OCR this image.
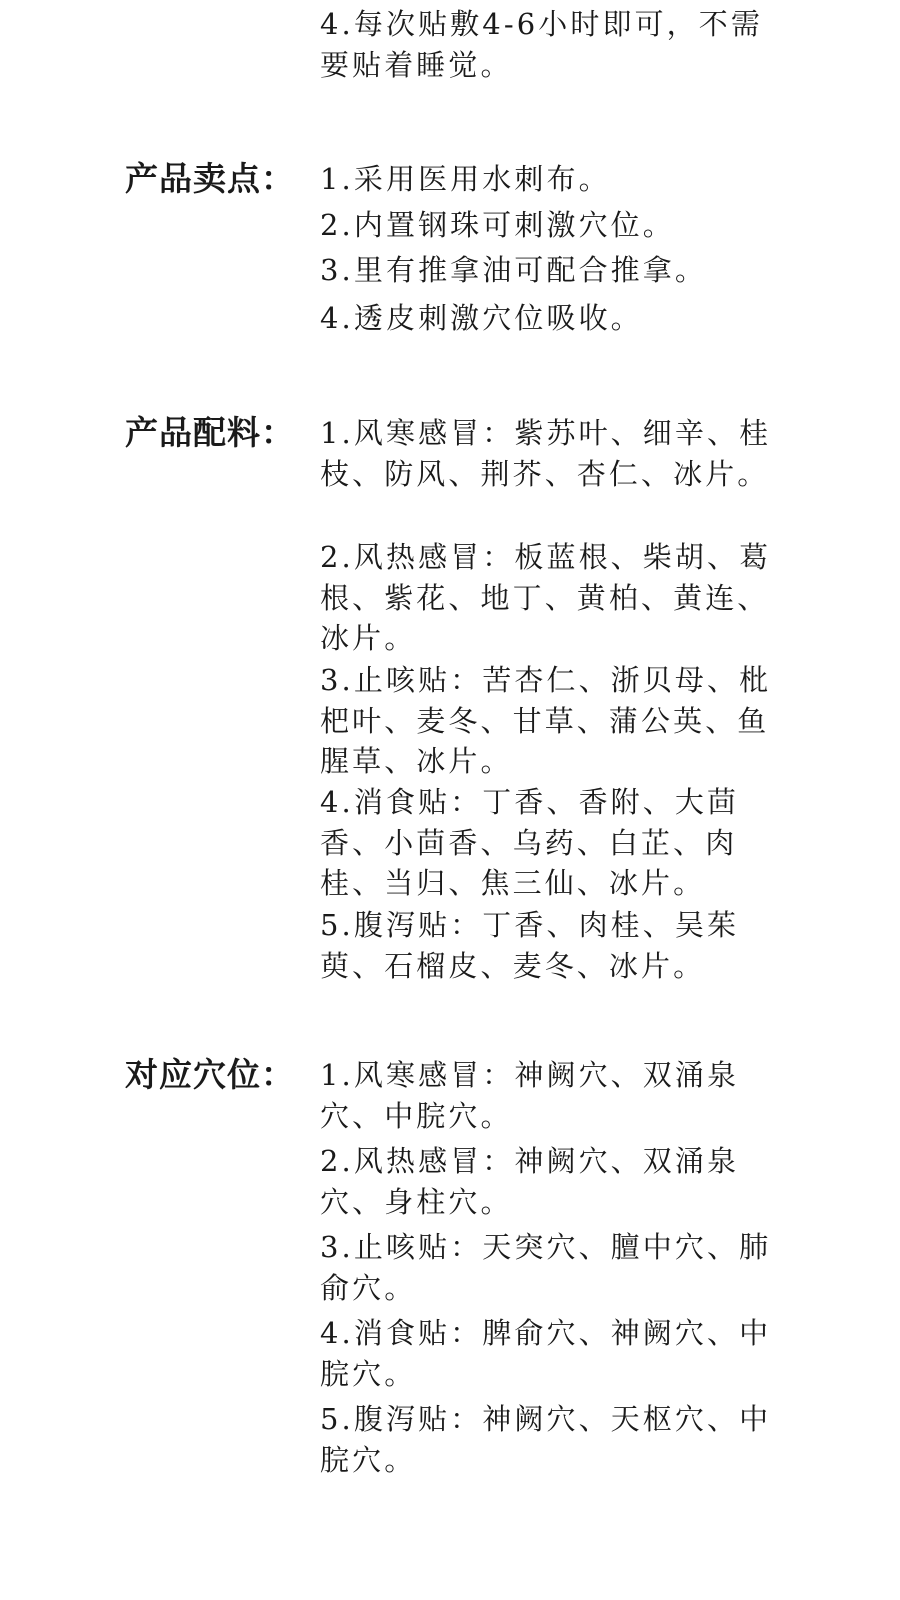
4.每次贴敷4-6小时即可，不需要贴着睡觉。
产品卖点： 1.采用医用水刺布。
2.内置钢珠可刺激穴位。
3.里有推拿油可配合推拿。
4.透皮刺激穴位吸收。
产品配料： 1.风寒感冒：紫苏叶、细辛、桂枝、防风、荆芥、杏仁、冰片。
2.风热感冒：板蓝根、柴胡、葛根、紫花、地丁、黄柏、黄连、冰片。
3.止咳贴：苦杏仁、浙贝母、枇杷叶、麦冬、甘草、蒲公英、鱼腥草、冰片。
4.消食贴：丁香、香附、大茴香、小茴香、乌药、白芷、肉桂、当归、焦三仙、冰片。
5.腹泻贴：丁香、肉桂、吴茱萸、石榴皮、麦冬、冰片。
对应穴位： 1.风寒感冒：神阙穴、双涌泉穴、中脘穴。
2.风热感冒：神阙穴、双涌泉穴、身柱穴。
3.止咳贴：天突穴、膻中穴、肺俞穴。
4.消食贴：脾俞穴、神阙穴、中脘穴。
5.腹泻贴：神阙穴、天枢穴、中脘穴。
